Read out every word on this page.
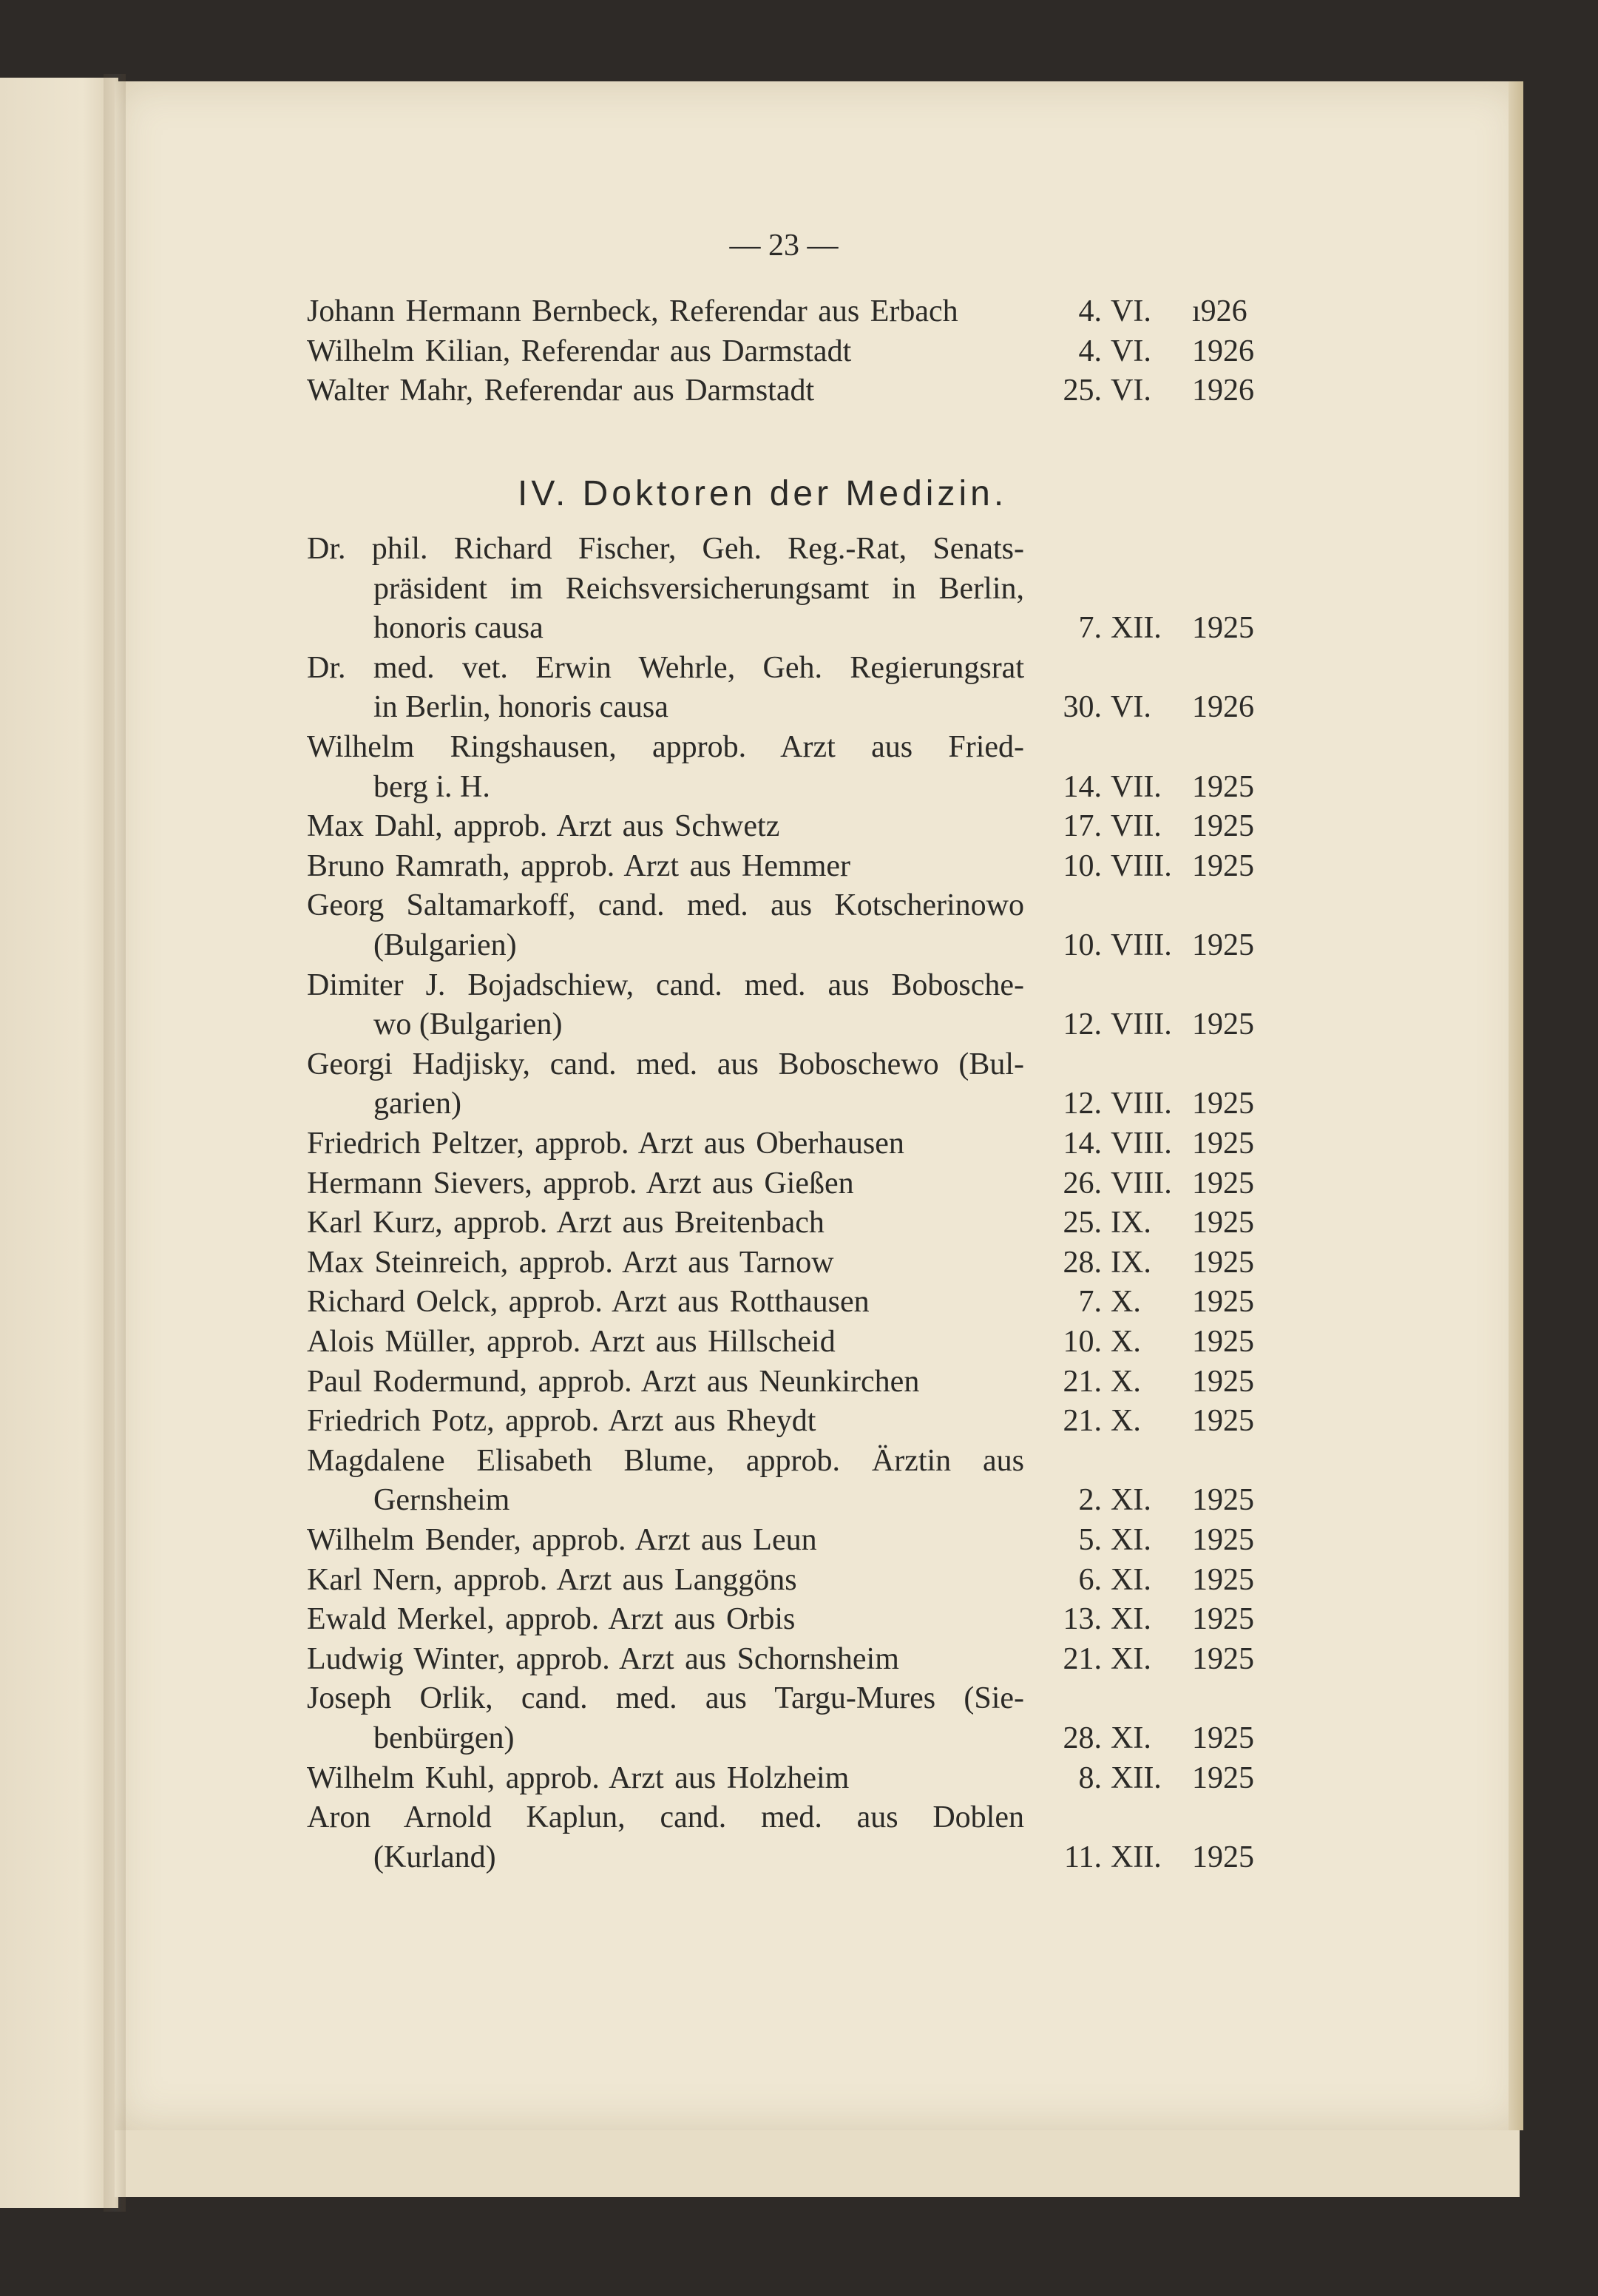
— 23 —
Johann Hermann Bernbeck, Referendar aus Erbach	4. VI.	ı926
Wilhelm Kilian, Referendar aus Darmstadt	4. VI.	1926
Walter Mahr, Referendar aus Darmstadt	25. VI.	1926
IV. Doktoren der Medizin.
Dr. phil. Richard Fischer, Geh. Reg.-Rat, Senats-
präsident im Reichsversicherungsamt in Berlin,
honoris causa	7. XII. 1925
Dr. med. vet. Erwin Wehrle, Geh. Regierungsrat
in Berlin, honoris causa	30. VI.	1926
Wilhelm Ringshausen, approb. Arzt aus Fried-
berg i. H.	14. VII. 1925
Max Dahl, approb. Arzt aus Schwetz	17. VII. 1925
Bruno Ramrath, approb. Arzt aus Hemmer	10. VIII. 1925
Georg Saltamarkoff, cand. med. aus Kotscherinowo
(Bulgarien)	10. VIII. 1925
Dimiter J. Bojadschiew, cand. med. aus Bobosche-
wo (Bulgarien)	12. VIII. 1925
Georgi Hadjisky, cand. med. aus Boboschewo (Bul-
garien)	12. VIII. 1925
Friedrich Peltzer, approb. Arzt aus Oberhausen	14. VIII. 1925
Hermann Sievers, approb. Arzt aus Gießen	26. VIII. 1925
Karl Kurz, approb. Arzt aus Breitenbach	25. IX.	1925
Max Steinreich, approb. Arzt aus Tarnow	28. IX.	1925
Richard Oelck, approb. Arzt aus Rotthausen	7. X.	1925
Alois Müller, approb. Arzt aus Hillscheid	10. X.	1925
Paul Rodermund, approb. Arzt aus Neunkirchen	21. X.	1925
Friedrich Potz, approb. Arzt aus Rheydt	21. X.	1925
Magdalene Elisabeth Blume, approb. Ärztin aus
Gernsheim	2. XI.	1925
Wilhelm Bender, approb. Arzt aus Leun	5. XI.	1925
Karl Nern, approb. Arzt aus Langgöns	6. XI.	1925
Ewald Merkel, approb. Arzt aus Orbis	13. XI.	1925
Ludwig Winter, approb. Arzt aus Schornsheim	21. XI.	1925
Joseph Orlik, cand. med. aus Targu-Mures (Sie-
benbürgen)	28. XI.	1925
Wilhelm Kuhl, approb. Arzt aus Holzheim	8. XII. 1925
Aron Arnold Kaplun, cand. med. aus Doblen
(Kurland)	11. XII. 1925
